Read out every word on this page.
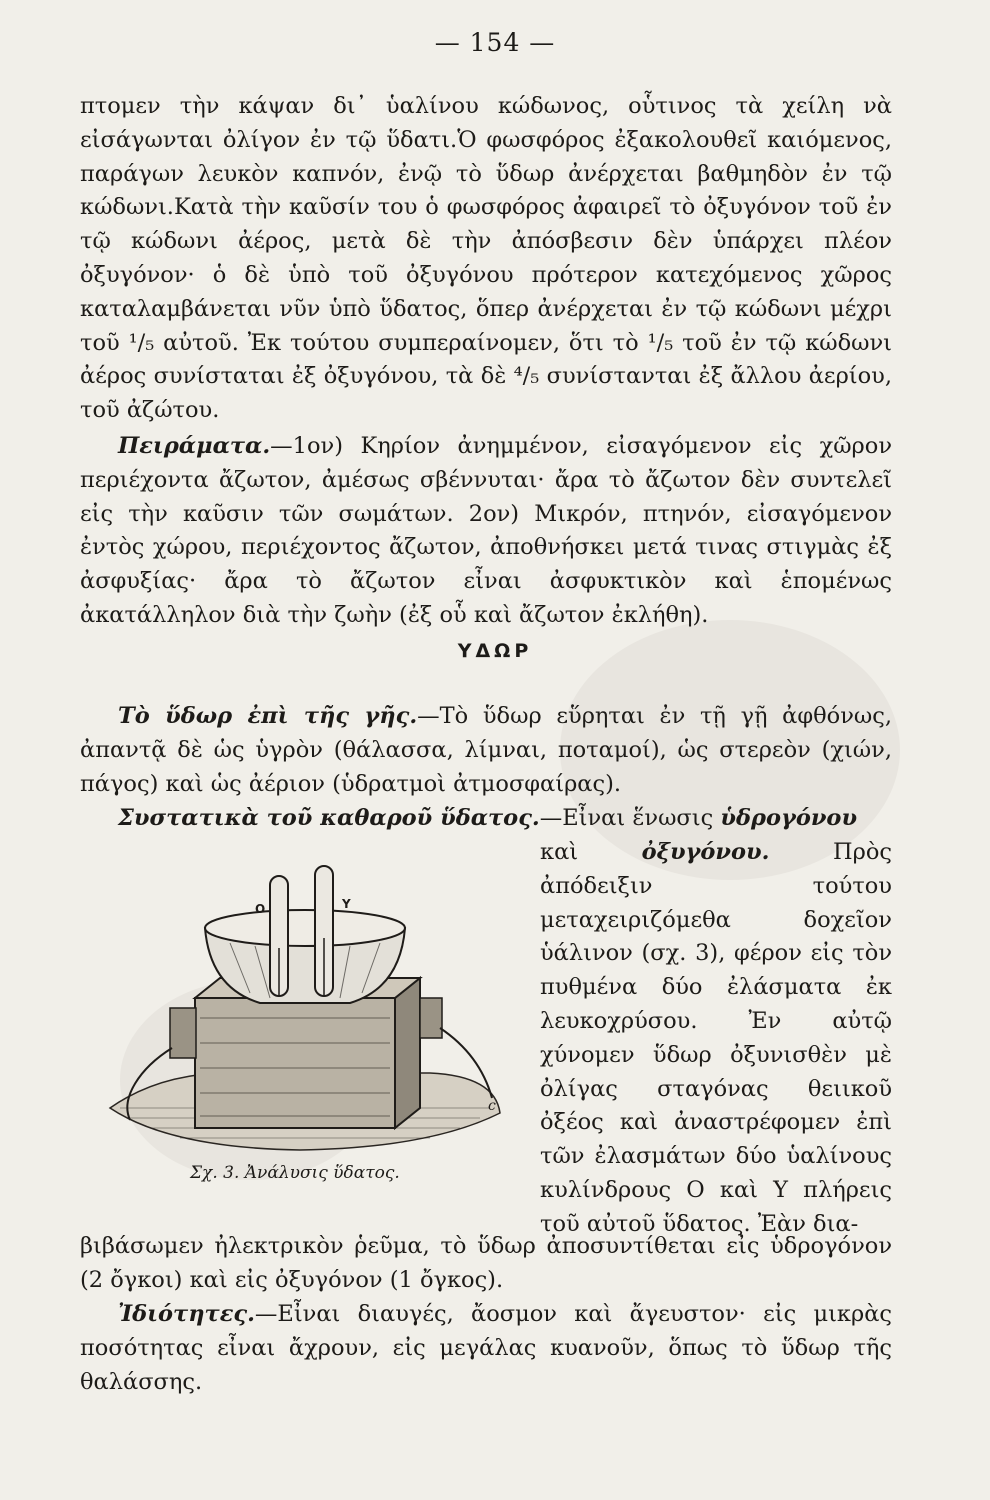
— 154 —

πτομεν τὴν κάψαν δι᾽ ὑαλίνου κώδωνος, οὗτινος τὰ χείλη νὰ εἰσάγωνται ὀλίγον ἐν τῷ ὕδατι.Ὁ φωσφόρος ἐξακολουθεῖ καιόμενος, παράγων λευκὸν καπνόν, ἐνῷ τὸ ὕδωρ ἀνέρχεται βαθμηδὸν ἐν τῷ κώδωνι.Κατὰ τὴν καῦσίν του ὁ φωσφόρος ἀφαιρεῖ τὸ ὀξυγόνον τοῦ ἐν τῷ κώδωνι ἀέρος, μετὰ δὲ τὴν ἀπόσβεσιν δὲν ὑπάρχει πλέον ὀξυγόνον· ὁ δὲ ὑπὸ τοῦ ὀξυγόνου πρότερον κατεχόμενος χῶρος καταλαμβάνεται νῦν ὑπὸ ὕδατος, ὅπερ ἀνέρχεται ἐν τῷ κώδωνι μέχρι τοῦ ¹/₅ αὐτοῦ. Ἐκ τούτου συμπεραίνομεν, ὅτι τὸ ¹/₅ τοῦ ἐν τῷ κώδωνι ἀέρος συνίσταται ἐξ ὀξυγόνου, τὰ δὲ ⁴/₅ συνίστανται ἐξ ἄλλου ἀερίου, τοῦ ἀζώτου.

Πειράματα.—1ον) Κηρίον ἀνημμένον, εἰσαγόμενον εἰς χῶρον περιέχοντα ἄζωτον, ἀμέσως σβέννυται· ἄρα τὸ ἄζωτον δὲν συντελεῖ εἰς τὴν καῦσιν τῶν σωμάτων. 2ον) Μικρόν, πτηνόν, εἰσαγόμενον ἐντὸς χώρου, περιέχοντος ἄζωτον, ἀποθνήσκει μετά τινας στιγμὰς ἐξ ἀσφυξίας· ἄρα τὸ ἄζωτον εἶναι ἀσφυκτικὸν καὶ ἑπομένως ἀκατάλληλον διὰ τὴν ζωὴν (ἐξ οὗ καὶ ἄζωτον ἐκλήθη).

ΥΔΩΡ

Τὸ ὕδωρ ἐπὶ τῆς γῆς.—Τὸ ὕδωρ εὕρηται ἐν τῇ γῇ ἀφθόνως, ἀπαντᾷ δὲ ὡς ὑγρὸν (θάλασσα, λίμναι, ποταμοί), ὡς στερεὸν (χιών, πάγος) καὶ ὡς ἀέριον (ὑδρατμοὶ ἀτμοσφαίρας).

Συστατικὰ τοῦ καθαροῦ ὕδατος.—Εἶναι ἕνωσις ὑδρογόνου

καὶ	ὀξυγόνου.	Πρὸς ἀπόδειξιν τούτου μεταχειριζόμεθα δοχεῖον ὑάλινον (σχ. 3), φέρον εἰς τὸν πυθμένα δύο ἐλάσματα ἐκ λευκοχρύσου. Ἐν αὐτῷ χύνομεν ὕδωρ ὀξυνισθὲν μὲ ὀλίγας σταγόνας θειικοῦ ὀξέος καὶ ἀναστρέφομεν ἐπὶ τῶν ἐλασμάτων δύο ὑαλίνους κυλίνδρους Ο καὶ Υ πλήρεις τοῦ αὐτοῦ ὕδατος. Ἐὰν δια-

O	Y
c
Σχ. 3. Ἀνάλυσις ὕδατος.

βιβάσωμεν ἠλεκτρικὸν ῥεῦμα, τὸ ὕδωρ ἀποσυντίθεται εἰς ὑδρογόνον (2 ὄγκοι) καὶ εἰς ὀξυγόνον (1 ὄγκος).

Ἰδιότητες.—Εἶναι διαυγές, ἄοσμον καὶ ἄγευστον· εἰς μικρὰς ποσότητας εἶναι ἄχρουν, εἰς μεγάλας κυανοῦν, ὅπως τὸ ὕδωρ τῆς θαλάσσης.
